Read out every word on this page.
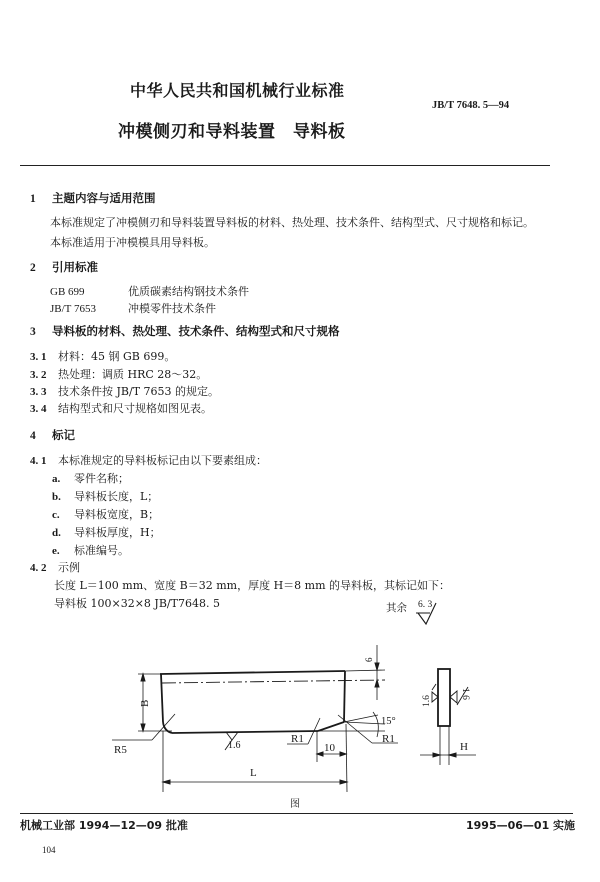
中华人民共和国机械行业标准
JB/T 7648. 5—94
冲模侧刃和导料装置　导料板
1 主题内容与适用范围
本标准规定了冲模侧刃和导料装置导料板的材料、热处理、技术条件、结构型式、尺寸规格和标记。
本标准适用于冲模模具用导料板。
2 引用标准
GB 699	优质碳素结构钢技术条件
JB/T 7653	冲模零件技术条件
3 导料板的材料、热处理、技术条件、结构型式和尺寸规格
3. 1 材料：45 钢 GB 699。
3. 2 热处理：调质 HRC 28～32。
3. 3 技术条件按 JB/T 7653 的规定。
3. 4 结构型式和尺寸规格如图见表。
4 标记
4. 1 本标准规定的导料板标记由以下要素组成：
a. 零件名称；
b. 导料板长度，L；
c. 导料板宽度，B；
d. 导料板厚度，H；
e. 标准编号。
4. 2 示例
长度 L＝100 mm、宽度 B＝32 mm，厚度 H＝8 mm 的导料板，其标记如下：
导料板 100×32×8 JB/T7648. 5
B
L
R5
R1	R1
10
6
15°
1.6
1.6
1.6
H
6. 3
其余
图
机械工业部 1994—12—09 批准	1995—06—01 实施
104
